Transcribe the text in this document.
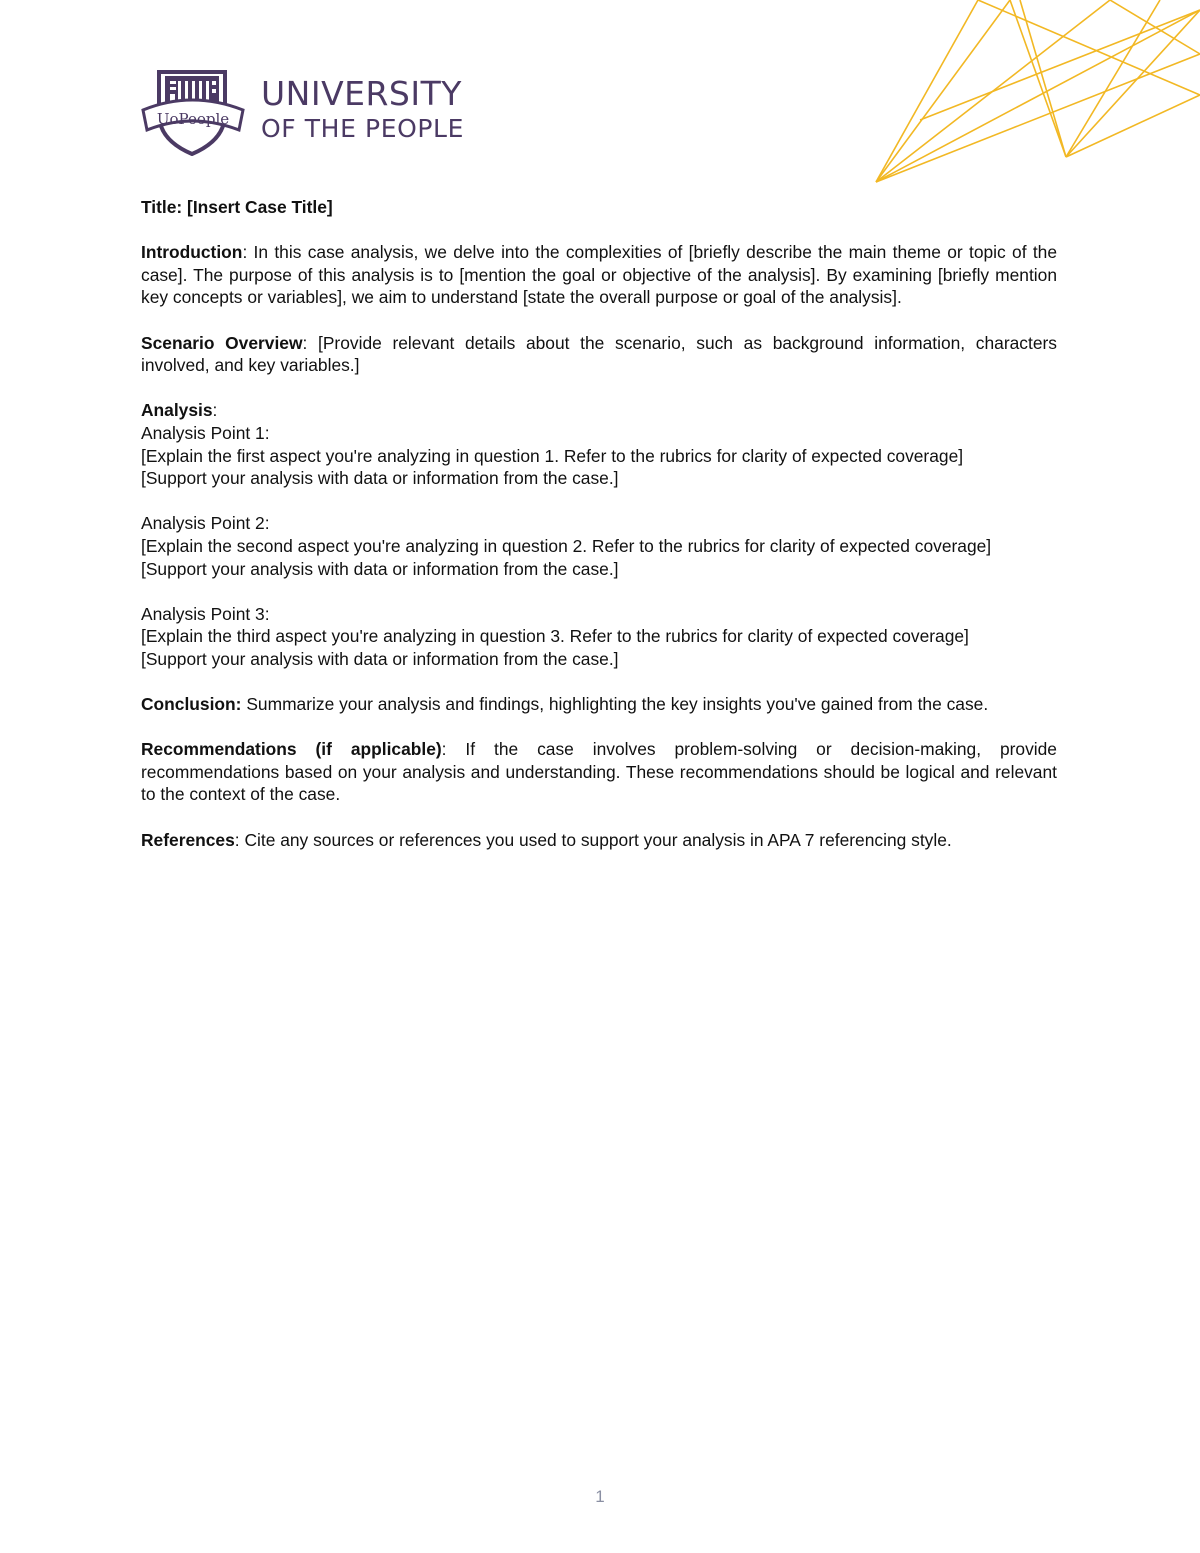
UoPeople
UNIVERSITY
OF THE PEOPLE

Title: [Insert Case Title]

Introduction: In this case analysis, we delve into the complexities of [briefly describe the main theme or topic of the case]. The purpose of this analysis is to [mention the goal or objective of the analysis]. By examining [briefly mention key concepts or variables], we aim to understand [state the overall purpose or goal of the analysis].

Scenario Overview: [Provide relevant details about the scenario, such as background information, characters involved, and key variables.]

Analysis:
Analysis Point 1:
[Explain the first aspect you're analyzing in question 1. Refer to the rubrics for clarity of expected coverage]
[Support your analysis with data or information from the case.]

Analysis Point 2:
[Explain the second aspect you're analyzing in question 2. Refer to the rubrics for clarity of expected coverage]
[Support your analysis with data or information from the case.]

Analysis Point 3:
[Explain the third aspect you're analyzing in question 3. Refer to the rubrics for clarity of expected coverage]
[Support your analysis with data or information from the case.]

Conclusion: Summarize your analysis and findings, highlighting the key insights you've gained from the case.

Recommendations (if applicable): If the case involves problem-solving or decision-making, provide recommendations based on your analysis and understanding. These recommendations should be logical and relevant to the context of the case.

References: Cite any sources or references you used to support your analysis in APA 7 referencing style.

1
